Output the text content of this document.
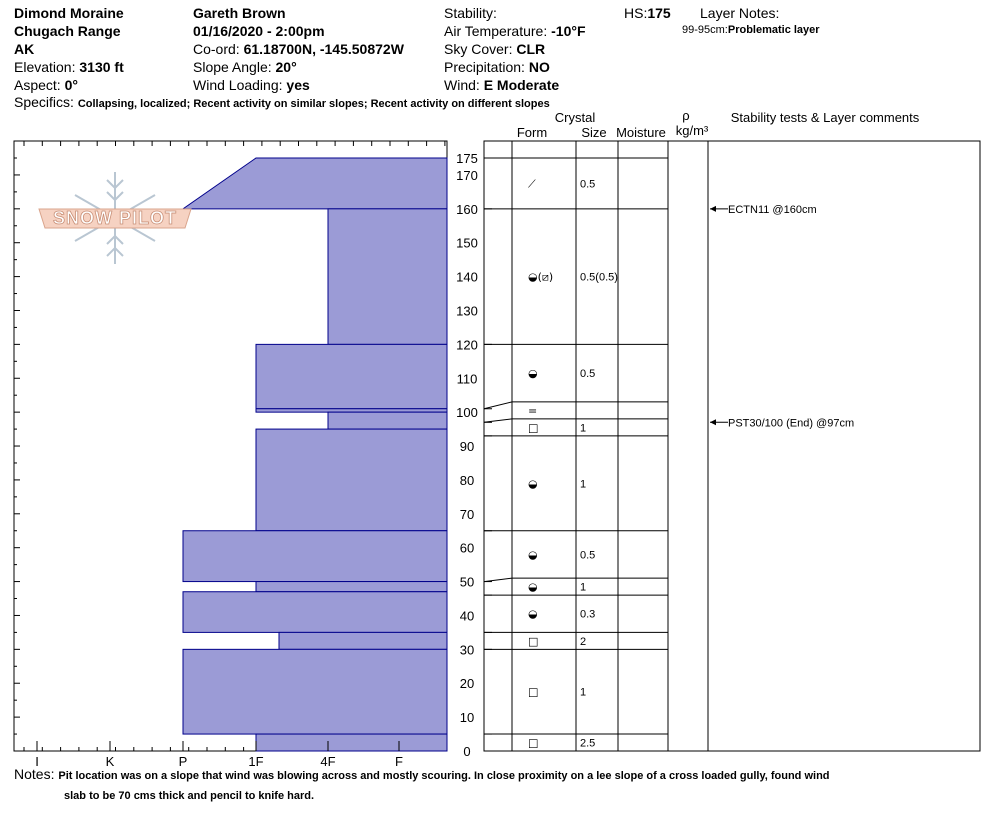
Dimond Moraine
Chugach Range
AK
Elevation: 3130 ft
Aspect: 0°
Gareth Brown
01/16/2020 - 2:00pm
Co-ord: 61.18700N, -145.50872W
Slope Angle: 20°
Wind Loading: yes
Stability:
Air Temperature: -10°F
Sky Cover: CLR
Precipitation: NO
Wind: E Moderate
HS:175 Layer Notes:
99-95cm:Problematic layer
Specifics: Collapsing, localized; Recent activity on similar slopes; Recent activity on different slopes
I	K	P	1F	4F	F
SNOW PILOT
Crystal
Form	Size Moisture
ρ
kg/m³
Stability tests & Layer comments
175
170
160
150
140
130
120
110
100
90
80
70
60
50
40
30
20
10
0
⟋	0.5
◒(⧄) 0.5(0.5)
◒	0.5
=
□	1
◒	1
◒	0.5
◒	1
◒	0.3
□	2
□	1
□	2.5
ECTN11 @160cm
PST30/100 (End) @97cm
Notes: Pit location was on a slope that wind was blowing across and mostly scouring. In close proximity on a lee slope of a cross loaded gully, found wind
slab to be 70 cms thick and pencil to knife hard.
